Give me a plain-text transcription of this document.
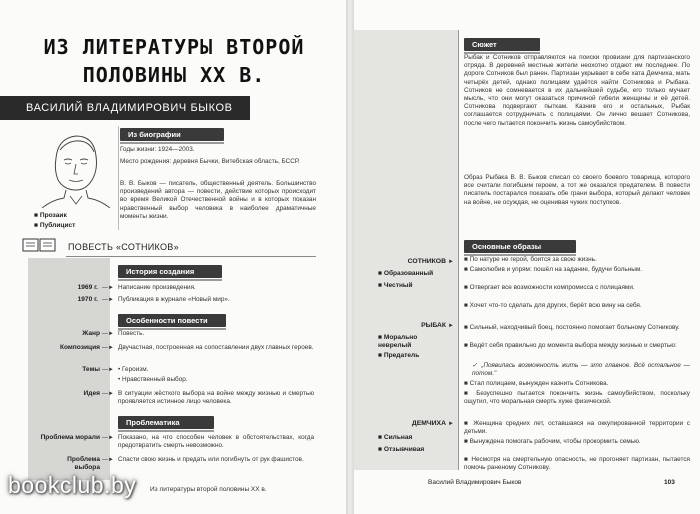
ИЗ ЛИТЕРАТУРЫ ВТОРОЙ
ПОЛОВИНЫ XX В.
ВАСИЛИЙ ВЛАДИМИРОВИЧ БЫКОВ
Из биографии
Годы жизни: 1924—2003.
Место рождения: деревня Бычки, Витебская область, БССР.
В. В. Быков — писатель, общественный деятель. Большинство произведений автора — повести, действие которых происходит во время Великой Отечественной войны и в которых показан нравственный выбор человека в наиболее драматичные моменты жизни.
■ Прозаик
■ Публицист
ПОВЕСТЬ «СОТНИКОВ»
История создания
1969 г. —► Написание произведения.
1970 г. —► Публикация в журнале «Новый мир».
Особенности повести
Жанр —► Повесть.
Композиция —► Двучастная, построенная на сопоставлении двух главных героев.
Темы —► • Героизм.
• Нравственный выбор.
Идея —► В ситуации жёсткого выбора на войне между жизнью и смертью проявляется истинное лицо человека.
Проблематика
Проблема морали —► Показано, на что способен человек в обстоятельствах, когда предотвратить смерть невозможно.
Проблема выбора
—► Спасти свою жизнь и предать или погибнуть от рук фашистов.
Из литературы второй половины XX в.
Сюжет
Рыбак и Сотников отправляются на поиски провизии для партизанского отряда. В деревней местные жители неохотно отдают им последнее. По дороге Сотников был ранен. Партизан укрывает в себе хата Демчиха, мать четырёх детей, однако полицаям удаётся найти Сотникова и Рыбака. Сотников не сомневается в их дальнейшей судьбе, его только мучает мысль, что они могут оказаться причиной гибели женщины и её детей. Сотникова подвергают пыткам. Казнив его и остальных, Рыбак соглашается сотрудничать с полицаями. Он лично вешает Сотникова, после чего пытается покончить жизнь самоубийством.
Образ Рыбака В. В. Быков списал со своего боевого товарища, которого все считали погибшим героем, а тот же оказался предателем. В повести писатель постарался показать обе грани выбора, который делают человек на войне, не осуждая, не оценивая чужих поступков.
Основные образы
СОТНИКОВ ►
■ Образованный
■ Честный
■ По натуре не герой, боится за свою жизнь.
■ Самолюбив и упрям: пошёл на задание, будучи больным.
■ Отвергает все возможности компромисса с полицаями.
■ Хочет что-то сделать для других, берёт всю вину на себя.
РЫБАК ►
■ Морально неврелый
■ Предатель
■ Сильный, находчивый боец, постоянно помогает больному Сотникову.
■ Ведёт себя правильно до момента выбора между жизнью и смертью:
✓ „Появилась возможность жить — это главное. Всё остальное — потом."
■ Стал полицаем, вынужден казнить Сотникова.
■ Безуспешно пытается покончить жизнь самоубийством, поскольку ощутил, что моральная смерть хуже физической.
ДЕМЧИХА ►
■ Сильная
■ Отзывчивая
■ Женщина средних лет, оставшаяся на оккупированной территории с детьми.
■ Вынуждена помогать рабочим, чтобы прокормить семью.
■ Несмотря на смертельную опасность, не прогоняет партизан, пытается помочь раненому Сотникову.
Василий Владимирович Быков	103
bookclub.by
